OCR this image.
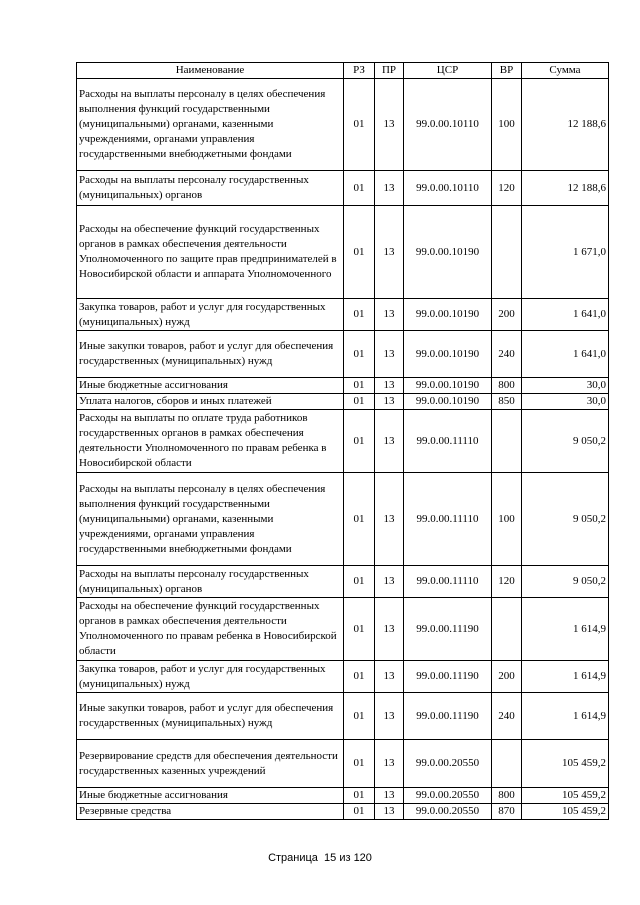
Наименование	РЗ	ПР	ЦСР	ВР	Сумма
Расходы на выплаты персоналу в целях обеспечения выполнения функций государственными (муниципальными) органами, казенными учреждениями, органами управления государственными внебюджетными фондами	01	13	99.0.00.10110	100	12 188,6
Расходы на выплаты персоналу государственных (муниципальных) органов	01	13	99.0.00.10110	120	12 188,6
Расходы на обеспечение функций государственных органов в рамках обеспечения деятельности Уполномоченного по защите прав предпринимателей в Новосибирской области и аппарата Уполномоченного	01	13	99.0.00.10190		1 671,0
Закупка товаров, работ и услуг для государственных (муниципальных) нужд	01	13	99.0.00.10190	200	1 641,0
Иные закупки товаров, работ и услуг для обеспечения государственных (муниципальных) нужд	01	13	99.0.00.10190	240	1 641,0
Иные бюджетные ассигнования	01	13	99.0.00.10190	800	30,0
Уплата налогов, сборов и иных платежей	01	13	99.0.00.10190	850	30,0
Расходы на выплаты по оплате труда работников государственных органов в рамках обеспечения деятельности Уполномоченного по правам ребенка в Новосибирской области	01	13	99.0.00.11110		9 050,2
Расходы на выплаты персоналу в целях обеспечения выполнения функций государственными (муниципальными) органами, казенными учреждениями, органами управления государственными внебюджетными фондами	01	13	99.0.00.11110	100	9 050,2
Расходы на выплаты персоналу государственных (муниципальных) органов	01	13	99.0.00.11110	120	9 050,2
Расходы на обеспечение функций государственных органов в рамках обеспечения деятельности Уполномоченного по правам ребенка в Новосибирской области	01	13	99.0.00.11190		1 614,9
Закупка товаров, работ и услуг для государственных (муниципальных) нужд	01	13	99.0.00.11190	200	1 614,9
Иные закупки товаров, работ и услуг для обеспечения государственных (муниципальных) нужд	01	13	99.0.00.11190	240	1 614,9
Резервирование средств для обеспечения деятельности государственных казенных учреждений	01	13	99.0.00.20550		105 459,2
Иные бюджетные ассигнования	01	13	99.0.00.20550	800	105 459,2
Резервные средства	01	13	99.0.00.20550	870	105 459,2
Страница  15 из 120
